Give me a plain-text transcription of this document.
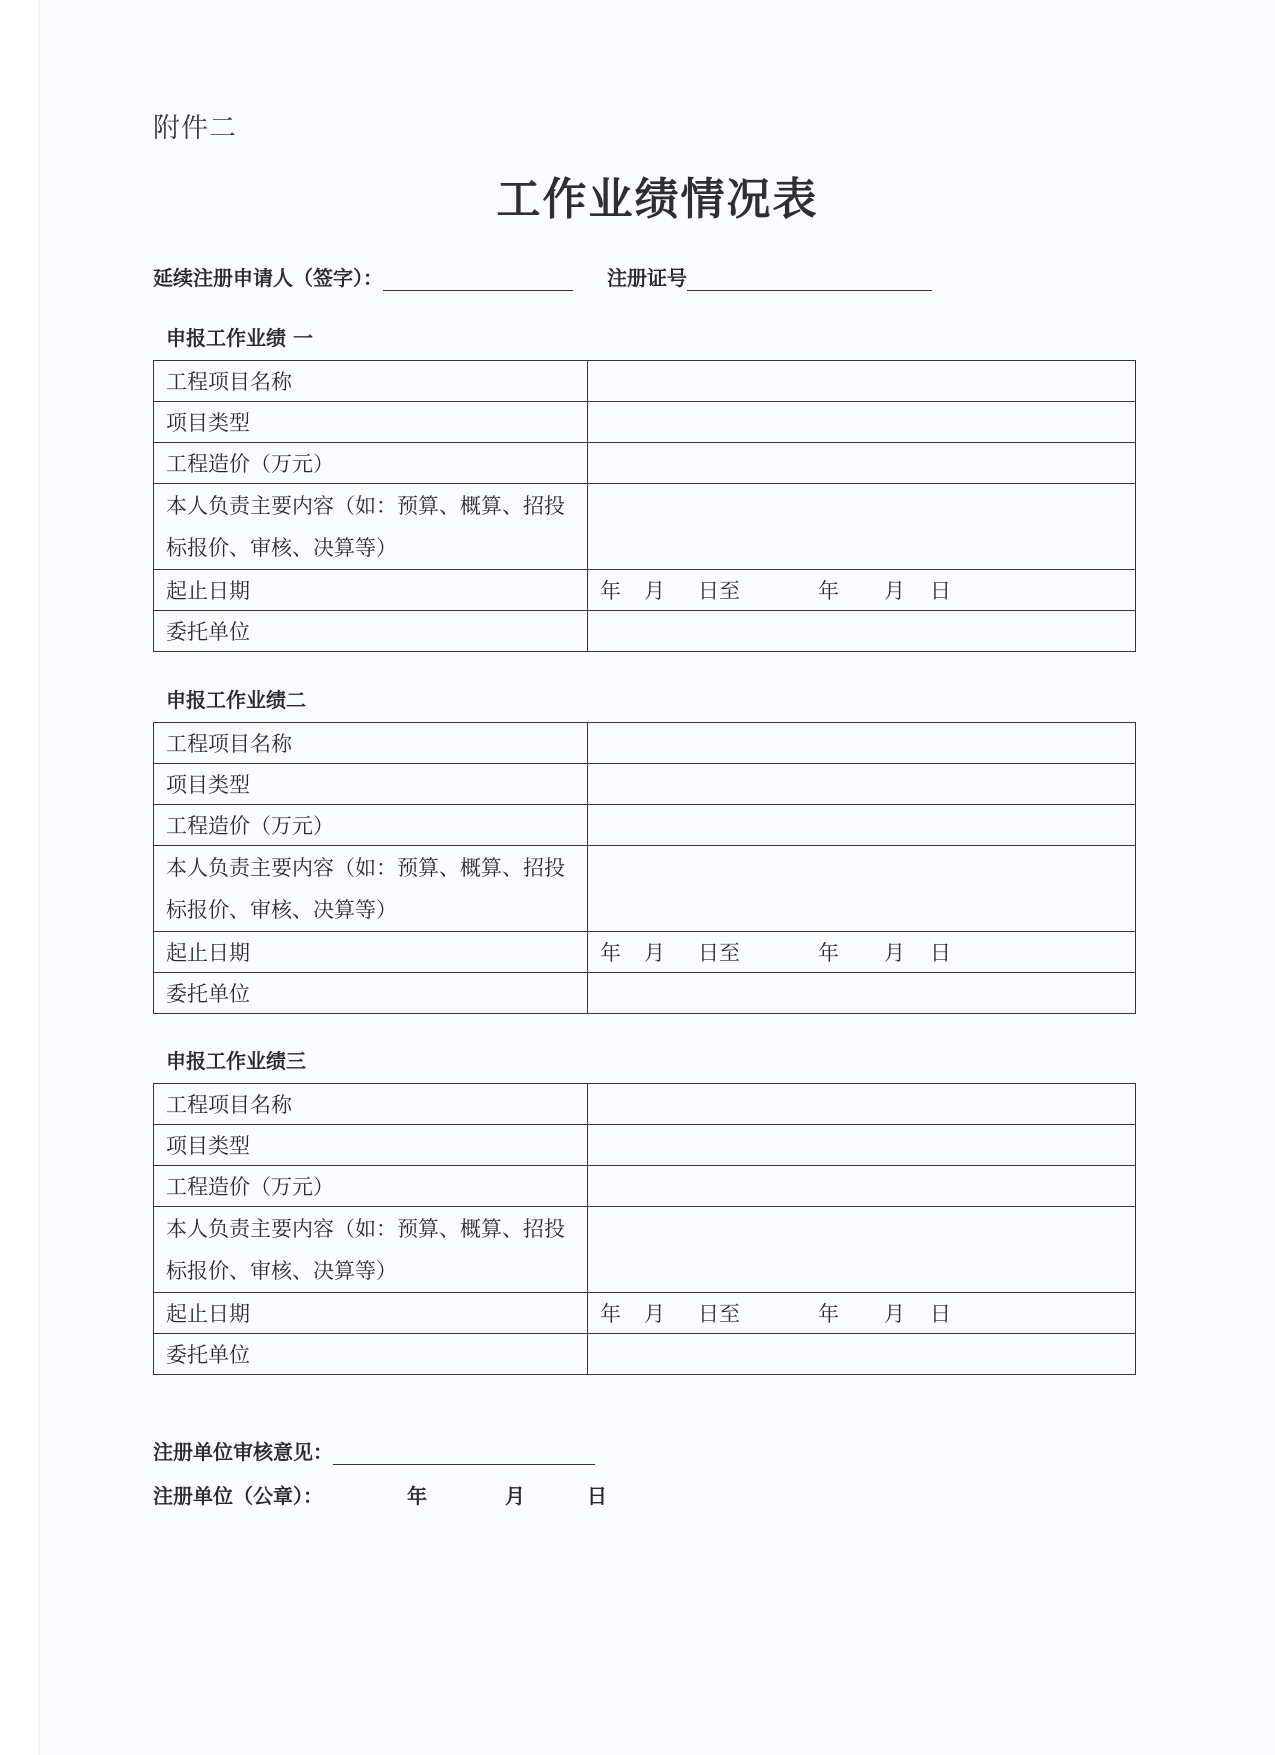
附件二
工作业绩情况表
延续注册申请人（签字）：	注册证号
申报工作业绩 一
工程项目名称	
项目类型	
工程造价（万元）	
本人负责主要内容（如：预算、概算、招投标报价、审核、决算等）	
起止日期	年 月 日至 年 月 日
委托单位	
申报工作业绩二
工程项目名称	
项目类型	
工程造价（万元）	
本人负责主要内容（如：预算、概算、招投标报价、审核、决算等）	
起止日期	年 月 日至 年 月 日
委托单位	
申报工作业绩三
工程项目名称	
项目类型	
工程造价（万元）	
本人负责主要内容（如：预算、概算、招投标报价、审核、决算等）	
起止日期	年 月 日至 年 月 日
委托单位	
注册单位审核意见：
注册单位（公章）：	年	月	日
